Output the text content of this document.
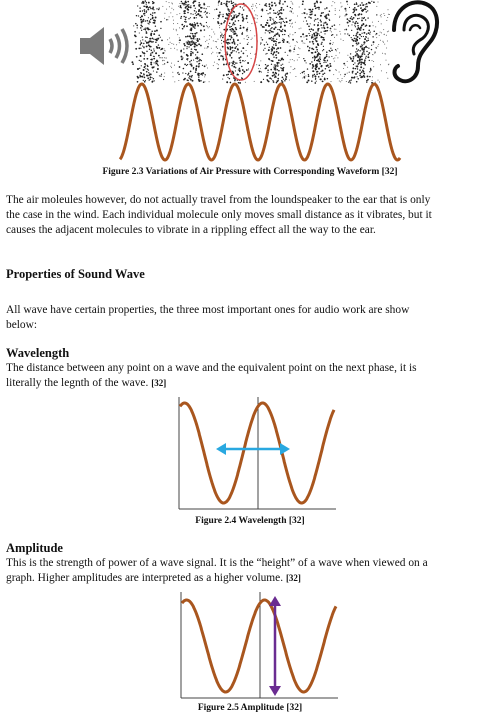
Figure 2.3 Variations of Air Pressure with Corresponding Waveform [32]
The air moleules however, do not actually travel from the loundspeaker to the ear that is only
the case in the wind. Each individual molecule only moves small distance as it vibrates, but it
causes the adjacent molecules to vibrate in a rippling effect all the way to the ear.
Properties of Sound Wave
All wave have certain properties, the three most important ones for audio work are show
below:
Wavelength
The distance between any point on a wave and the equivalent point on the next phase, it is
literally the legnth of the wave. [32]
Figure 2.4 Wavelength [32]
Amplitude
This is the strength of power of a wave signal. It is the “height” of a wave when viewed on a
graph. Higher amplitudes are interpreted as a higher volume. [32]
Figure 2.5 Amplitude [32]
